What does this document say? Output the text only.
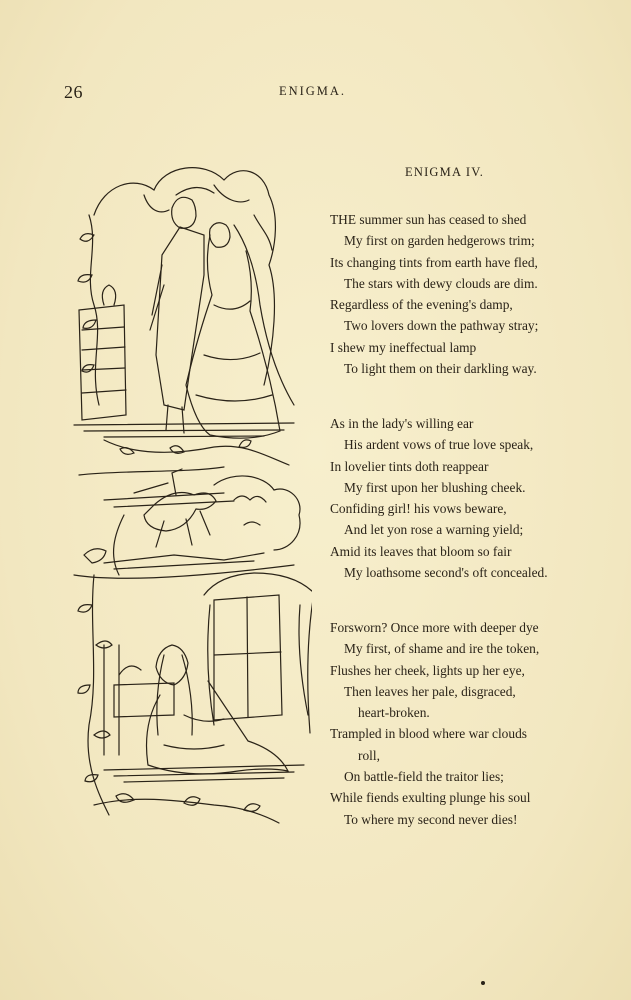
26	ENIGMA.
ENIGMA IV.
THE summer sun has ceased to shed
My first on garden hedgerows trim;
Its changing tints from earth have fled,
The stars with dewy clouds are dim.
Regardless of the evening's damp,
Two lovers down the pathway stray;
I shew my ineffectual lamp
To light them on their darkling way.
As in the lady's willing ear
His ardent vows of true love speak,
In lovelier tints doth reappear
My first upon her blushing cheek.
Confiding girl! his vows beware,
And let yon rose a warning yield;
Amid its leaves that bloom so fair
My loathsome second's oft concealed.
Forsworn? Once more with deeper dye
My first, of shame and ire the token,
Flushes her cheek, lights up her eye,
Then leaves her pale, disgraced,
heart-broken.
Trampled in blood where war clouds
roll,
On battle-field the traitor lies;
While fiends exulting plunge his soul
To where my second never dies!
